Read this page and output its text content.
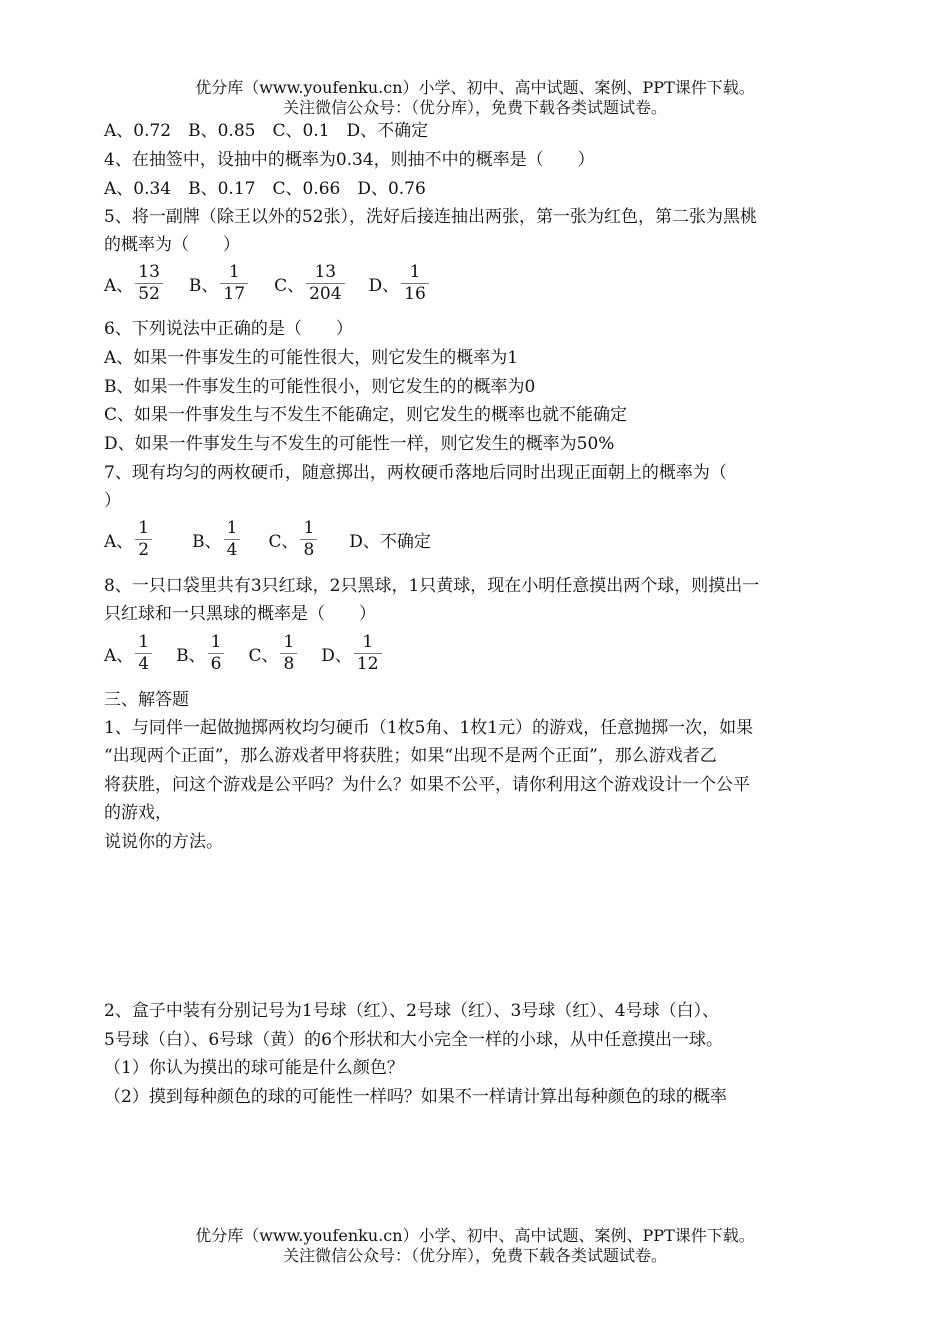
优分库（www.youfenku.cn）小学、初中、高中试题、案例、PPT课件下载。
关注微信公众号：（优分库），免费下载各类试题试卷。
A、0.72　B、0.85　C、0.1　D、不确定
4、在抽签中，设抽中的概率为0.34，则抽不中的概率是（　　）
A、0.34　B、0.17　C、0.66　D、0.76
5、将一副牌（除王以外的52张），洗好后接连抽出两张，第一张为红色，第二张为黑桃
的概率为（　　）
A、 $\frac{13}{52}$ B、 $\frac{1}{17}$ C、 $\frac{13}{204}$ D、 $\frac{1}{16}$
6、下列说法中正确的是（　　）
A、如果一件事发生的可能性很大，则它发生的概率为1
B、如果一件事发生的可能性很小，则它发生的的概率为0
C、如果一件事发生与不发生不能确定，则它发生的概率也就不能确定
D、如果一件事发生与不发生的可能性一样，则它发生的概率为50%
7、现有均匀的两枚硬币，随意掷出，两枚硬币落地后同时出现正面朝上的概率为（
）
A、 $\frac{1}{2}$ B、 $\frac{1}{4}$ C、 $\frac{1}{8}$ D、不确定
8、一只口袋里共有3只红球，2只黑球，1只黄球，现在小明任意摸出两个球，则摸出一
只红球和一只黑球的概率是（　　）
A、 $\frac{1}{4}$ B、 $\frac{1}{6}$ C、 $\frac{1}{8}$ D、 $\frac{1}{12}$
三、解答题
1、与同伴一起做抛掷两枚均匀硬币（1枚5角、1枚1元）的游戏，任意抛掷一次，如果
“出现两个正面”，那么游戏者甲将获胜；如果“出现不是两个正面”，那么游戏者乙
将获胜，问这个游戏是公平吗？为什么？如果不公平，请你利用这个游戏设计一个公平
的游戏，
说说你的方法。
2、盒子中装有分别记号为1号球（红）、2号球（红）、3号球（红）、4号球（白）、
5号球（白）、6号球（黄）的6个形状和大小完全一样的小球，从中任意摸出一球。
（1）你认为摸出的球可能是什么颜色？
（2）摸到每种颜色的球的可能性一样吗？如果不一样请计算出每种颜色的球的概率
优分库（www.youfenku.cn）小学、初中、高中试题、案例、PPT课件下载。
关注微信公众号：（优分库），免费下载各类试题试卷。
